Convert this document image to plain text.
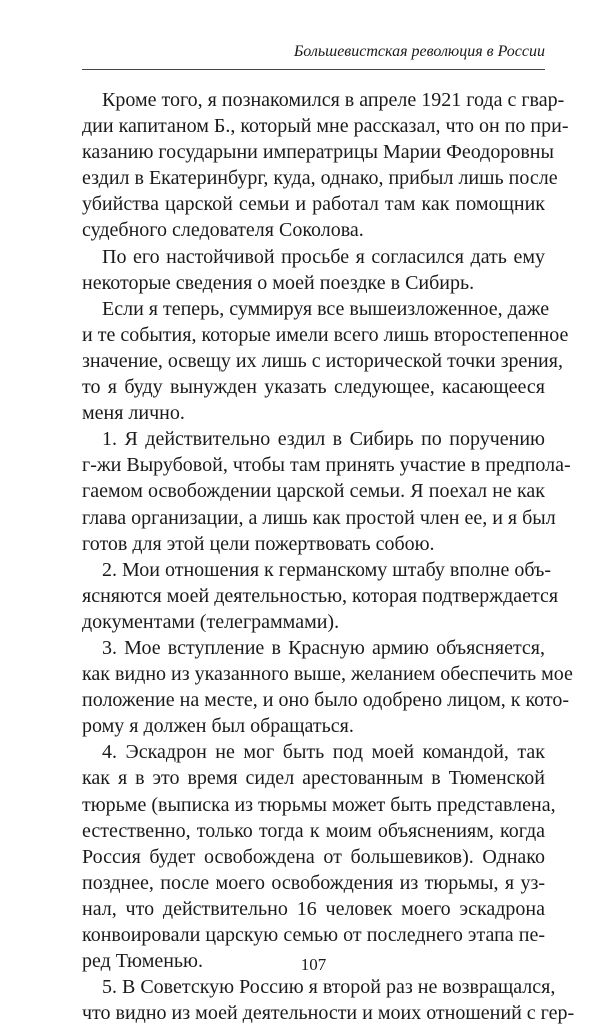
Большевистская революция в России
Кроме того, я познакомился в апреле 1921 года с гвар-
дии капитаном Б., который мне рассказал, что он по при-
казанию государыни императрицы Марии Феодоровны
ездил в Екатеринбург, куда, однако, прибыл лишь после
убийства царской семьи и работал там как помощник
судебного следователя Соколова.
По его настойчивой просьбе я согласился дать ему
некоторые сведения о моей поездке в Сибирь.
Если я теперь, суммируя все вышеизложенное, даже
и те события, которые имели всего лишь второстепенное
значение, освещу их лишь с исторической точки зрения,
то я буду вынужден указать следующее, касающееся
меня лично.
1. Я действительно ездил в Сибирь по поручению
г-жи Вырубовой, чтобы там принять участие в предпола-
гаемом освобождении царской семьи. Я поехал не как
глава организации, а лишь как простой член ее, и я был
готов для этой цели пожертвовать собою.
2. Мои отношения к германскому штабу вполне объ-
ясняются моей деятельностью, которая подтверждается
документами (телеграммами).
3. Мое вступление в Красную армию объясняется,
как видно из указанного выше, желанием обеспечить мое
положение на месте, и оно было одобрено лицом, к кото-
рому я должен был обращаться.
4. Эскадрон не мог быть под моей командой, так
как я в это время сидел арестованным в Тюменской
тюрьме (выписка из тюрьмы может быть представлена,
естественно, только тогда к моим объяснениям, когда
Россия будет освобождена от большевиков). Однако
позднее, после моего освобождения из тюрьмы, я уз-
нал, что действительно 16 человек моего эскадрона
конвоировали царскую семью от последнего этапа пе-
ред Тюменью.
5. В Советскую Россию я второй раз не возвращался,
что видно из моей деятельности и моих отношений с гер-
107
